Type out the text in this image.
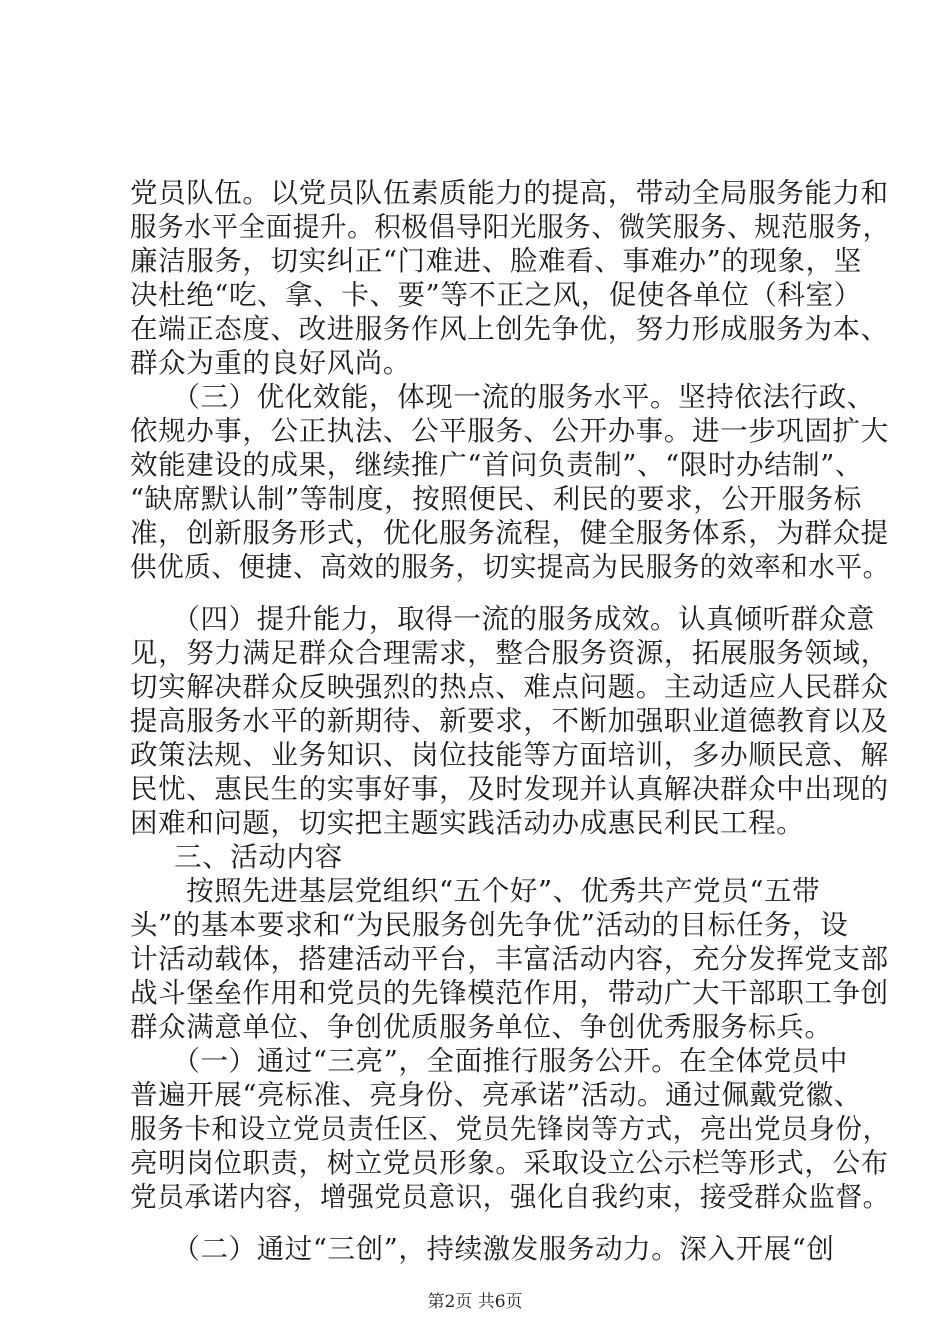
党员队伍。以党员队伍素质能力的提高，带动全局服务能力和
服务水平全面提升。积极倡导阳光服务、微笑服务、规范服务，
廉洁服务，切实纠正“门难进、脸难看、事难办”的现象，坚
决杜绝“吃、拿、卡、要”等不正之风，促使各单位（科室）
在端正态度、改进服务作风上创先争优，努力形成服务为本、
群众为重的良好风尚。
　（三）优化效能，体现一流的服务水平。坚持依法行政、
依规办事，公正执法、公平服务、公开办事。进一步巩固扩大
效能建设的成果，继续推广“首问负责制”、“限时办结制”、
“缺席默认制”等制度，按照便民、利民的要求，公开服务标
准，创新服务形式，优化服务流程，健全服务体系，为群众提
供优质、便捷、高效的服务，切实提高为民服务的效率和水平。
　（四）提升能力，取得一流的服务成效。认真倾听群众意
见，努力满足群众合理需求，整合服务资源，拓展服务领域，
切实解决群众反映强烈的热点、难点问题。主动适应人民群众
提高服务水平的新期待、新要求，不断加强职业道德教育以及
政策法规、业务知识、岗位技能等方面培训，多办顺民意、解
民忧、惠民生的实事好事，及时发现并认真解决群众中出现的
困难和问题，切实把主题实践活动办成惠民利民工程。
　三、活动内容
　按照先进基层党组织“五个好”、优秀共产党员“五带
头”的基本要求和“为民服务创先争优”活动的目标任务，设
计活动载体，搭建活动平台，丰富活动内容，充分发挥党支部
战斗堡垒作用和党员的先锋模范作用，带动广大干部职工争创
群众满意单位、争创优质服务单位、争创优秀服务标兵。
　（一）通过“三亮”，全面推行服务公开。在全体党员中
普遍开展“亮标准、亮身份、亮承诺”活动。通过佩戴党徽、
服务卡和设立党员责任区、党员先锋岗等方式，亮出党员身份，
亮明岗位职责，树立党员形象。采取设立公示栏等形式，公布
党员承诺内容，增强党员意识，强化自我约束，接受群众监督。
　（二）通过“三创”，持续激发服务动力。深入开展“创
第2页 共6页
